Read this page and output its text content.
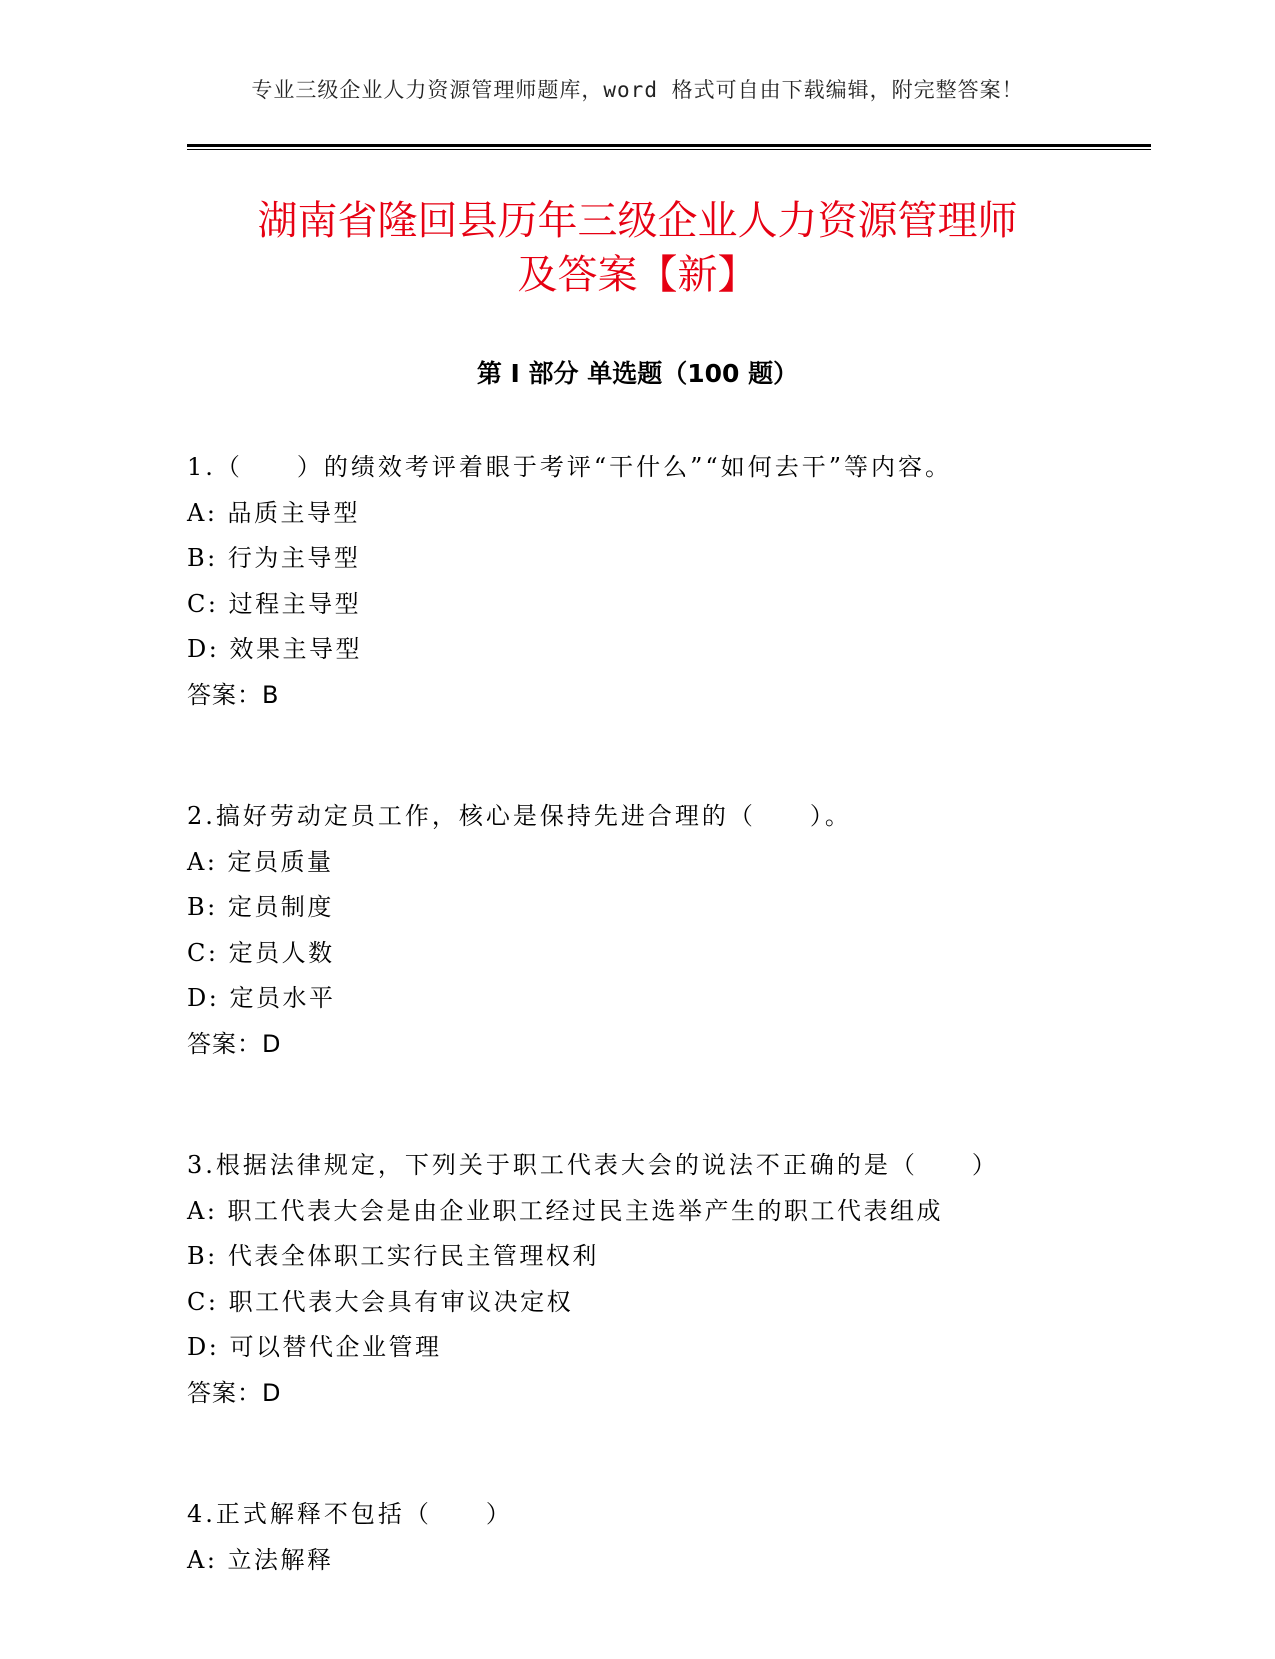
专业三级企业人力资源管理师题库，word 格式可自由下载编辑，附完整答案！
湖南省隆回县历年三级企业人力资源管理师
及答案【新】
第 I 部分 单选题（100 题）
1.（　　）的绩效考评着眼于考评“干什么”“如何去干”等内容。
A: 品质主导型
B: 行为主导型
C: 过程主导型
D: 效果主导型
答案：B
2.搞好劳动定员工作，核心是保持先进合理的（　　）。
A: 定员质量
B: 定员制度
C: 定员人数
D: 定员水平
答案：D
3.根据法律规定，下列关于职工代表大会的说法不正确的是（　　）
A: 职工代表大会是由企业职工经过民主选举产生的职工代表组成
B: 代表全体职工实行民主管理权利
C: 职工代表大会具有审议决定权
D: 可以替代企业管理
答案：D
4.正式解释不包括（　　）
A: 立法解释
